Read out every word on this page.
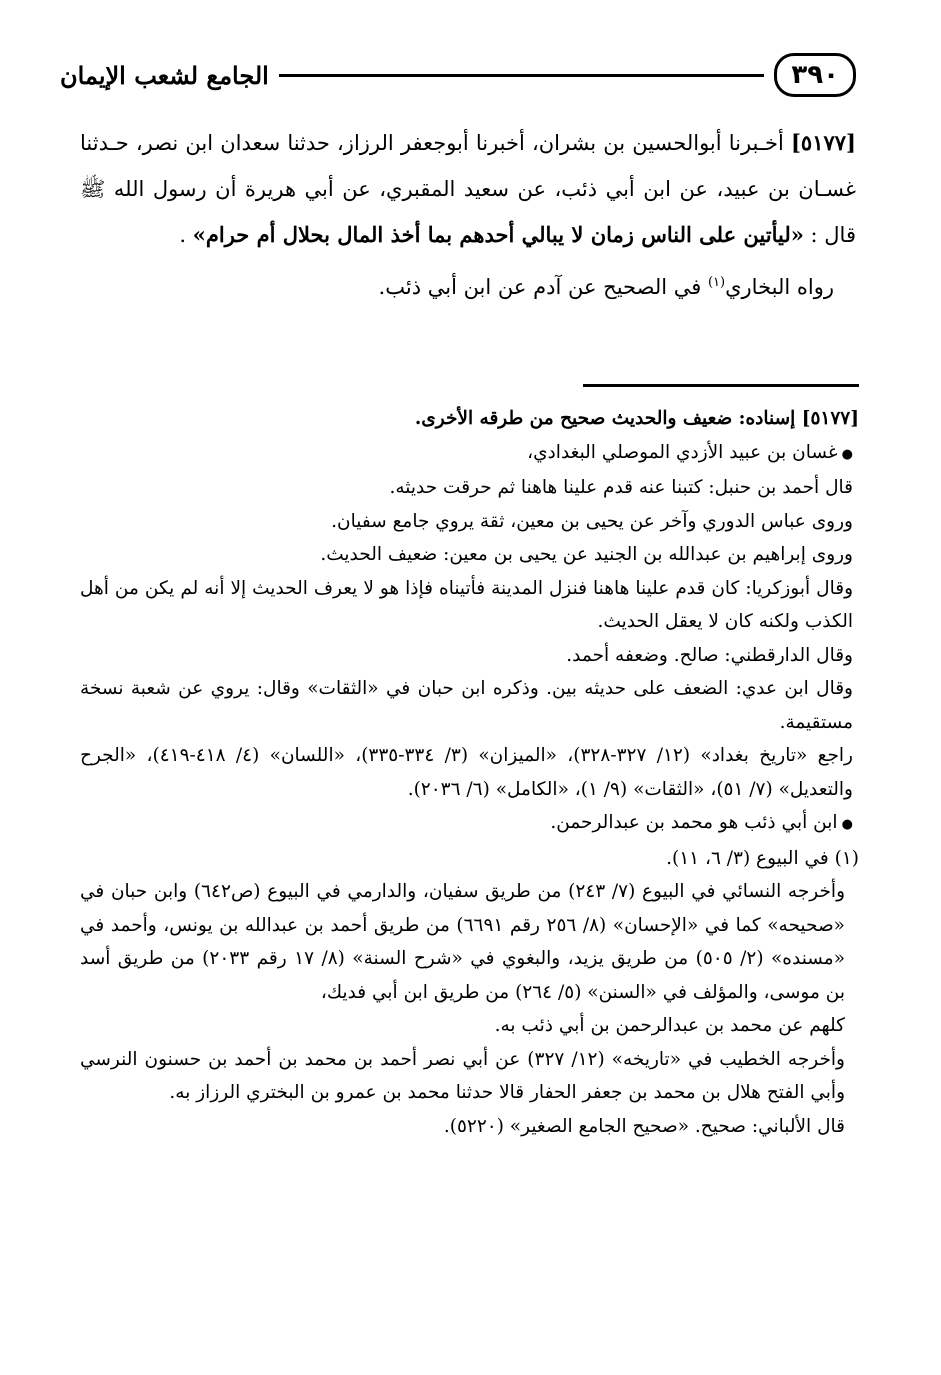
٣٩٠
الجامع لشعب الإيمان

[٥١٧٧] أخـبرنا أبوالحسين بن بشران، أخبرنا أبوجعفر الرزاز، حدثنا سعدان ابن نصر، حـدثنا غسـان بن عبيد، عن ابن أبي ذئب، عن سعيد المقبري، عن أبي هريرة أن رسول الله ﷺ قال : «ليأتين على الناس زمان لا يبالي أحدهم بما أخذ المال بحلال أم حرام» .

رواه البخاري$^{(١)}$ في الصحيح عن آدم عن ابن أبي ذئب.

[٥١٧٧] إسناده: ضعيف والحديث صحيح من طرقه الأخرى.

● غسان بن عبيد الأزدي الموصلي البغدادي،

قال أحمد بن حنبل: كتبنا عنه قدم علينا هاهنا ثم حرقت حديثه.

وروى عباس الدوري وآخر عن يحيى بن معين، ثقة يروي جامع سفيان.

وروى إبراهيم بن عبدالله بن الجنيد عن يحيى بن معين: ضعيف الحديث.

وقال أبوزكريا: كان قدم علينا هاهنا فنزل المدينة فأتيناه فإذا هو لا يعرف الحديث إلا أنه لم يكن من أهل الكذب ولكنه كان لا يعقل الحديث.

وقال الدارقطني: صالح. وضعفه أحمد.

وقال ابن عدي: الضعف على حديثه بين. وذكره ابن حبان في «الثقات» وقال: يروي عن شعبة نسخة مستقيمة.

راجع «تاريخ بغداد» (١٢/ ٣٢٧-٣٢٨)، «الميزان» (٣/ ٣٣٤-٣٣٥)، «اللسان» (٤/ ٤١٨-٤١٩)، «الجرح والتعديل» (٧/ ٥١)، «الثقات» (٩/ ١)، «الكامل» (٦/ ٢٠٣٦).

● ابن أبي ذئب هو محمد بن عبدالرحمن.

(١) في البيوع (٣/ ٦، ١١).

وأخرجه النسائي في البيوع (٧/ ٢٤٣) من طريق سفيان، والدارمي في البيوع (ص٦٤٢) وابن حبان في «صحيحه» كما في «الإحسان» (٨/ ٢٥٦ رقم ٦٦٩١) من طريق أحمد بن عبدالله بن يونس، وأحمد في «مسنده» (٢/ ٥٠٥) من طريق يزيد، والبغوي في «شرح السنة» (٨/ ١٧ رقم ٢٠٣٣) من طريق أسد بن موسى، والمؤلف في «السنن» (٥/ ٢٦٤) من طريق ابن أبي فديك،

كلهم عن محمد بن عبدالرحمن بن أبي ذئب به.

وأخرجه الخطيب في «تاريخه» (١٢/ ٣٢٧) عن أبي نصر أحمد بن محمد بن أحمد بن حسنون النرسي وأبي الفتح هلال بن محمد بن جعفر الحفار قالا حدثنا محمد بن عمرو بن البختري الرزاز به.

قال الألباني: صحيح. «صحيح الجامع الصغير» (٥٢٢٠).
